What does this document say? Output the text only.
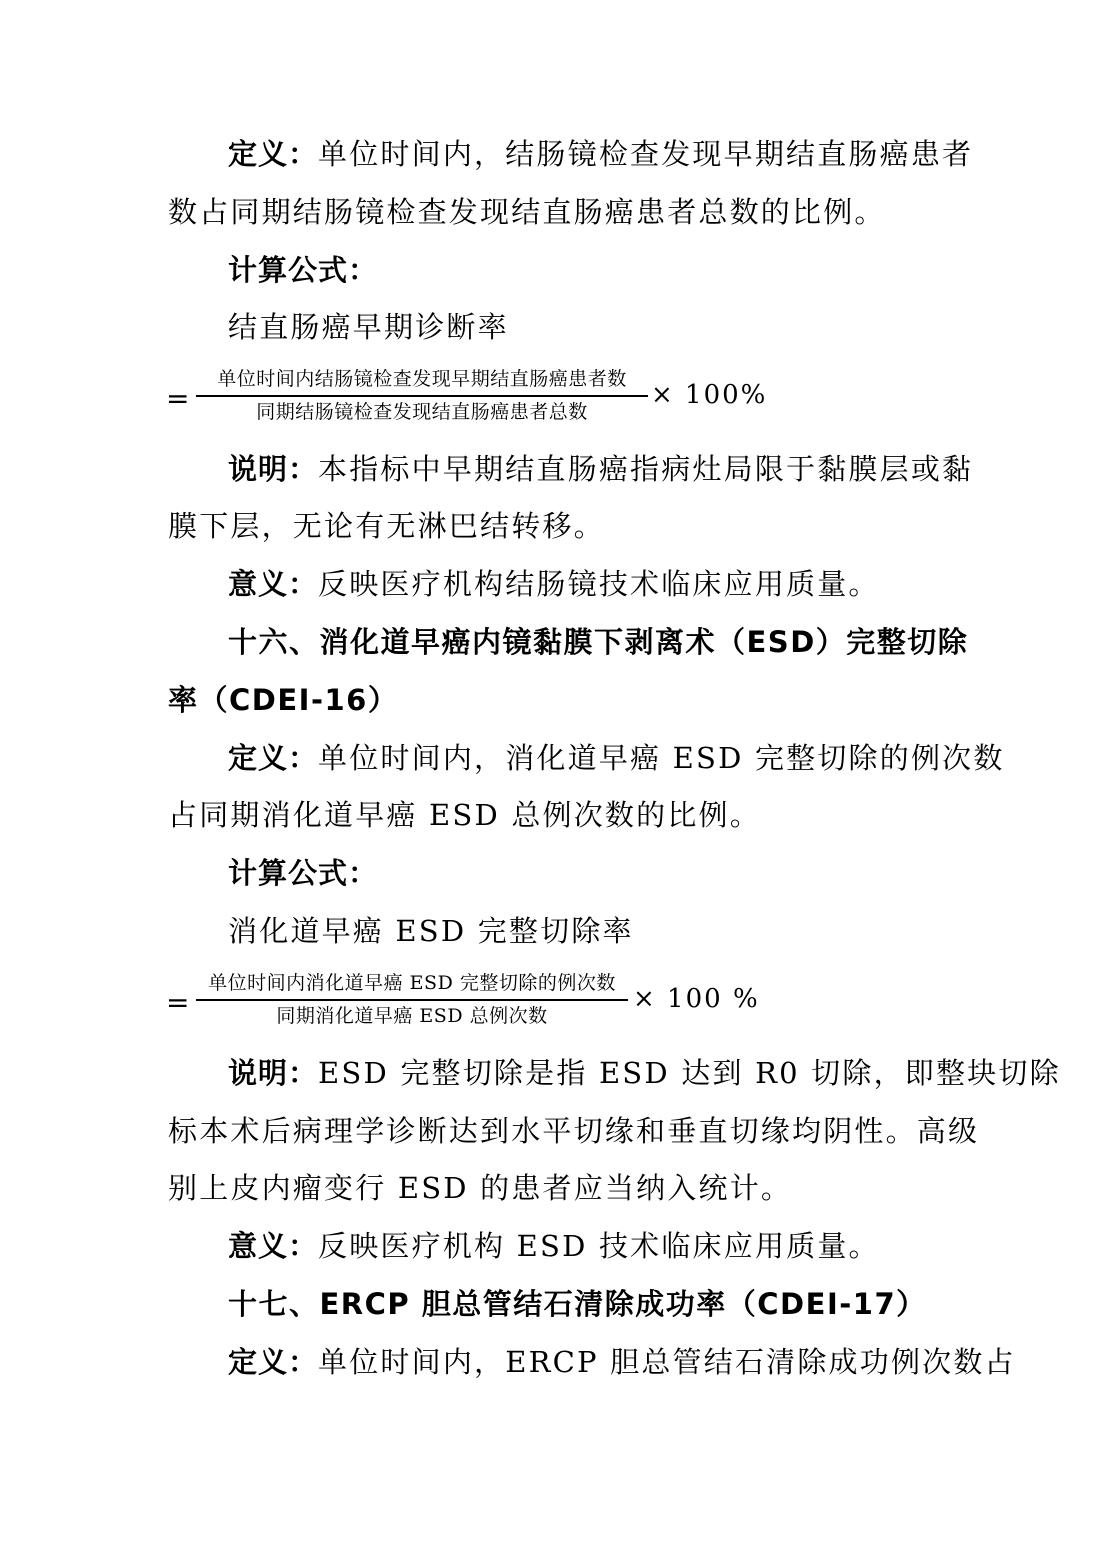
定义：单位时间内，结肠镜检查发现早期结直肠癌患者
数占同期结肠镜检查发现结直肠癌患者总数的比例。
计算公式：
结直肠癌早期诊断率
=
单位时间内结肠镜检查发现早期结直肠癌患者数
同期结肠镜检查发现结直肠癌患者总数
× 100%
说明：本指标中早期结直肠癌指病灶局限于黏膜层或黏
膜下层，无论有无淋巴结转移。
意义：反映医疗机构结肠镜技术临床应用质量。
十六、消化道早癌内镜黏膜下剥离术（ESD）完整切除
率（CDEI-16）
定义：单位时间内，消化道早癌 ESD 完整切除的例次数
占同期消化道早癌 ESD 总例次数的比例。
计算公式：
消化道早癌 ESD 完整切除率
=
单位时间内消化道早癌 ESD 完整切除的例次数
同期消化道早癌 ESD 总例次数
× 100 %
说明：ESD 完整切除是指 ESD 达到 R0 切除，即整块切除
标本术后病理学诊断达到水平切缘和垂直切缘均阴性。高级
别上皮内瘤变行 ESD 的患者应当纳入统计。
意义：反映医疗机构 ESD 技术临床应用质量。
十七、ERCP 胆总管结石清除成功率（CDEI-17）
定义：单位时间内，ERCP 胆总管结石清除成功例次数占
